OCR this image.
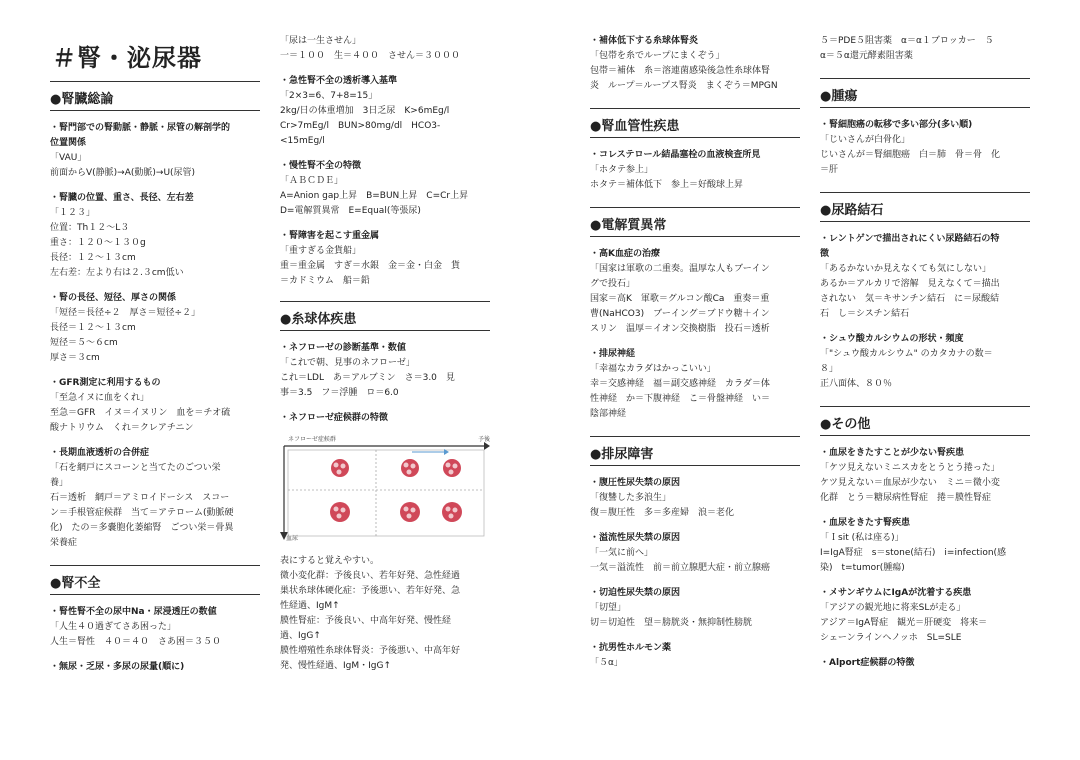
＃腎・泌尿器
●腎臓総論
・腎門部での腎動脈・静脈・尿管の解剖学的
位置関係
「VAU」
前面からV(静脈)→A(動脈)→U(尿管)
・腎臓の位置、重さ、長径、左右差
「１２３」
位置：Th１２～L３
重さ：１２０～１３０g
長径：１２～１３cm
左右差：左より右は２.３cm低い
・腎の長径、短径、厚さの関係
「短径＝長径÷２　厚さ＝短径÷２」
長径＝１２～１３cm
短径＝５～６cm
厚さ＝３cm
・GFR測定に利用するもの
「至急イヌに血をくれ」
至急＝GFR　イヌ＝イヌリン　血を＝チオ硫
酸ナトリウム　くれ＝クレアチニン
・長期血液透析の合併症
「石を網戸にスコーンと当てたのごつい栄
養」
石＝透析　網戸＝アミロイドーシス　スコー
ン＝手根管症候群　当て＝アテローム(動脈硬
化)　たの＝多嚢胞化萎縮腎　ごつい栄＝骨異
栄養症
●腎不全
・腎性腎不全の尿中Na・尿浸透圧の数値
「人生４０過ぎてさあ困った」
人生＝腎性　４０＝４０　さあ困＝３５０
・無尿・乏尿・多尿の尿量(順に)
「尿は一生させん」
一＝１００　生＝４００　させん＝３０００
・急性腎不全の透析導入基準
「2×3=6、7+8=15」
2kg/日の体重増加　3日乏尿　K>6mEg/l
Cr>7mEg/l　BUN>80mg/dl　HCO3-
<15mEg/l
・慢性腎不全の特徴
「ＡＢＣＤＥ」
A=Anion gap上昇　B=BUN上昇　C=Cr上昇
D=電解質異常　E=Equal(等張尿)
・腎障害を起こす重金属
「重すぎる金貨船」
重＝重金属　すぎ＝水銀　金＝金・白金　貨
＝カドミウム　船＝鉛
●糸球体疾患
・ネフローゼの診断基準・数値
「これで朝、見事のネフローゼ」
これ＝LDL　あ＝アルブミン　さ＝3.0　見
事＝3.5　フ＝浮腫　ロ＝6.0
・ネフローゼ症候群の特徴
ネフローゼ症候群	予後
血尿
表にすると覚えやすい。
微小変化群：予後良い、若年好発、急性経過
巣状糸球体硬化症：予後悪い、若年好発、急
性経過、IgM↑
膜性腎症：予後良い、中高年好発、慢性経
過、IgG↑
膜性増殖性糸球体腎炎：予後悪い、中高年好
発、慢性経過、IgM・IgG↑
・補体低下する糸球体腎炎
「包帯を糸でループにまくぞう」
包帯＝補体　糸＝溶連菌感染後急性糸球体腎
炎　ループ＝ループス腎炎　まくぞう＝MPGN
●腎血管性疾患
・コレステロール結晶塞栓の血液検査所見
「ホタテ参上」
ホタテ＝補体低下　参上＝好酸球上昇
●電解質異常
・高K血症の治療
「国家は軍歌の二重奏。温厚な人もブーイン
グで投石」
国家＝高K　軍歌＝グルコン酸Ca　重奏＝重
曹(NaHCO3)　ブーイング＝ブドウ糖＋イン
スリン　温厚＝イオン交換樹脂　投石＝透析
・排尿神経
「幸福なカラダはかっこいい」
幸＝交感神経　福＝副交感神経　カラダ＝体
性神経　か＝下腹神経　こ＝骨盤神経　い＝
陰部神経
●排尿障害
・腹圧性尿失禁の原因
「復讐した多浪生」
復＝腹圧性　多＝多産婦　浪＝老化
・溢流性尿失禁の原因
「一気に前へ」
一気＝溢流性　前＝前立腺肥大症・前立腺癌
・切迫性尿失禁の原因
「切望」
切＝切迫性　望＝膀胱炎・無抑制性膀胱
・抗男性ホルモン薬
「５α」
５＝PDE５阻害薬　α＝α１ブロッカー　５
α＝５α還元酵素阻害薬
●腫瘍
・腎細胞癌の転移で多い部分(多い順)
「じいさんが白骨化」
じいさんが＝腎細胞癌　白＝肺　骨＝骨　化
＝肝
●尿路結石
・レントゲンで描出されにくい尿路結石の特
徴
「あるかないか見えなくても気にしない」
あるか＝アルカリで溶解　見えなくて＝描出
されない　気＝キサンチン結石　に＝尿酸結
石　し＝シスチン結石
・シュウ酸カルシウムの形状・頻度
「"シュウ酸カルシウム" のカタカナの数＝
８」
正八面体、８０％
●その他
・血尿をきたすことが少ない腎疾患
「ケツ見えないミニスカをとうとう捲った」
ケツ見えない＝血尿が少ない　ミニ＝微小変
化群　とう＝糖尿病性腎症　捲＝膜性腎症
・血尿をきたす腎疾患
「Ｉsit (私は座る)」
I=IgA腎症　s＝stone(結石)　i=infection(感
染)　t=tumor(腫瘍)
・メサンギウムにIgAが沈着する疾患
「アジアの観光地に将来SLが走る」
アジア＝IgA腎症　観光＝肝硬変　将来＝
シェーンラインヘノッホ　SL=SLE
・Alport症候群の特徴
